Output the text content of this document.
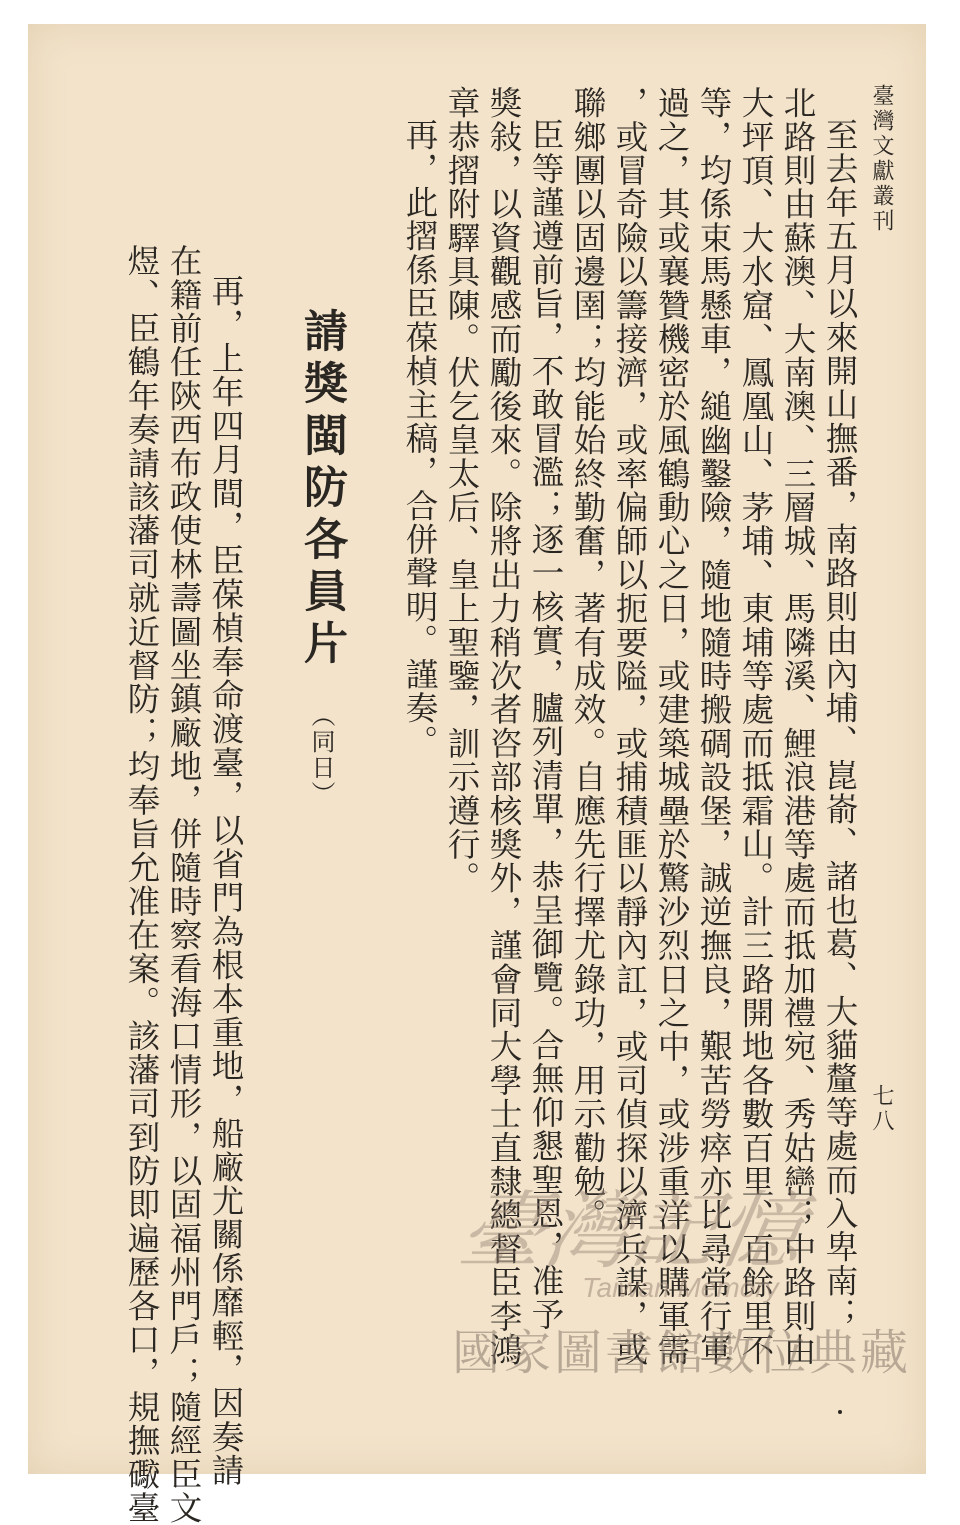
臺灣文獻叢刊
七八
至去年五月以來開山撫番，南路則由內埔、崑嵛、諸也葛、大貓釐等處而入卑南；
北路則由蘇澳、大南澳、三層城、馬隣溪、鯉浪港等處而抵加禮宛、秀姑巒；中路則由
大坪頂、大水窟、鳳凰山、茅埔、東埔等處而抵霜山。計三路開地各數百里、百餘里不
等，均係束馬懸車，縋幽鑿險，隨地隨時搬碉設堡，誠逆撫良，艱苦勞瘁亦比尋常行軍
過之，其或襄贊機密於風鶴動心之日，或建築城壘於驚沙烈日之中，或涉重洋以購軍需
，或冒奇險以籌接濟，或率偏師以扼要隘，或捕積匪以靜內訌，或司偵探以濟兵謀，或
聯鄉團以固邊圉；均能始終勤奮，著有成效。自應先行擇尤錄功，用示勸勉。
臣等謹遵前旨，不敢冒濫；逐一核實，臚列清單，恭呈御覽。合無仰懇聖恩，准予
獎敍，以資觀感而勵後來。除將出力稍次者咨部核獎外，謹會同大學士直隸總督臣李鴻
章恭摺附驛具陳。伏乞皇太后、皇上聖鑒，訓示遵行。
再，此摺係臣葆楨主稿，合併聲明。謹奏。
請獎閩防各員片 （同日）
再，上年四月間，臣葆楨奉命渡臺，以省門為根本重地，船廠尤關係靡輕，因奏請
在籍前任陝西布政使林壽圖坐鎮廠地，併隨時察看海口情形，以固福州門戶；隨經臣文
煜、臣鶴年奏請該藩司就近督防；均奉旨允准在案。該藩司到防即遍歷各口，規撫礮臺	臺灣記憶
Taiwan Memory
國家圖書館數位典藏
